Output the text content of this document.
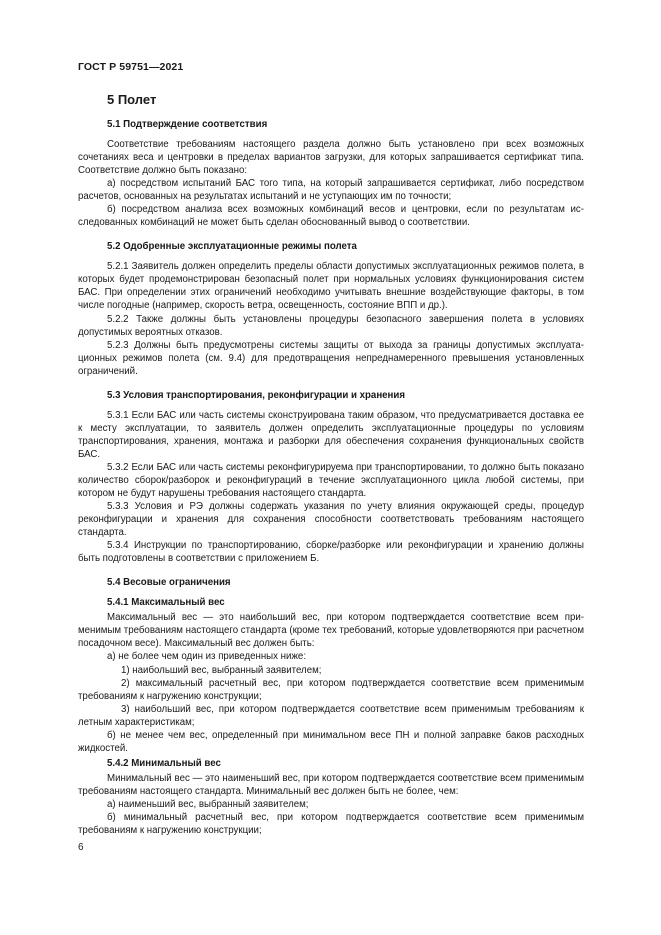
ГОСТ Р 59751—2021
5 Полет
5.1 Подтверждение соответствия

Соответствие требованиям настоящего раздела должно быть установлено при всех возможных сочетаниях веса и центровки в пределах вариантов загрузки, для которых запрашивается сертификат типа. Соответствие должно быть показано:

а) посредством испытаний БАС того типа, на который запрашивается сертификат, либо посредством расчетов, основанных на результатах испытаний и не уступающих им по точности;

б) посредством анализа всех возможных комбинаций весов и центровки, если по результатам исследованных комбинаций не может быть сделан обоснованный вывод о соответствии.

5.2 Одобренные эксплуатационные режимы полета

5.2.1 Заявитель должен определить пределы области допустимых эксплуатационных режимов полета, в которых будет продемонстрирован безопасный полет при нормальных условиях функционирования систем БАС. При определении этих ограничений необходимо учитывать внешние воздействующие факторы, в том числе погодные (например, скорость ветра, освещенность, состояние ВПП и др.).

5.2.2 Также должны быть установлены процедуры безопасного завершения полета в условиях допустимых вероятных отказов.

5.2.3 Должны быть предусмотрены системы защиты от выхода за границы допустимых эксплуатационных режимов полета (см. 9.4) для предотвращения непреднамеренного превышения установленных ограничений.

5.3 Условия транспортирования, реконфигурации и хранения

5.3.1 Если БАС или часть системы сконструирована таким образом, что предусматривается доставка ее к месту эксплуатации, то заявитель должен определить эксплуатационные процедуры по условиям транспортирования, хранения, монтажа и разборки для обеспечения сохранения функциональных свойств БАС.

5.3.2 Если БАС или часть системы реконфигурируема при транспортировании, то должно быть показано количество сборок/разборок и реконфигураций в течение эксплуатационного цикла любой системы, при котором не будут нарушены требования настоящего стандарта.

5.3.3 Условия и РЭ должны содержать указания по учету влияния окружающей среды, процедур реконфигурации и хранения для сохранения способности соответствовать требованиям настоящего стандарта.

5.3.4 Инструкции по транспортированию, сборке/разборке или реконфигурации и хранению должны быть подготовлены в соответствии с приложением Б.

5.4 Весовые ограничения
5.4.1 Максимальный вес

Максимальный вес — это наибольший вес, при котором подтверждается соответствие всем применимым требованиям настоящего стандарта (кроме тех требований, которые удовлетворяются при расчетном посадочном весе). Максимальный вес должен быть:

а) не более чем один из приведенных ниже:

1) наибольший вес, выбранный заявителем;

2) максимальный расчетный вес, при котором подтверждается соответствие всем применимым требованиям к нагружению конструкции;

3) наибольший вес, при котором подтверждается соответствие всем применимым требованиям к летным характеристикам;

б) не менее чем вес, определенный при минимальном весе ПН и полной заправке баков расходных жидкостей.

5.4.2 Минимальный вес

Минимальный вес — это наименьший вес, при котором подтверждается соответствие всем применимым требованиям настоящего стандарта. Минимальный вес должен быть не более, чем:

а) наименьший вес, выбранный заявителем;

б) минимальный расчетный вес, при котором подтверждается соответствие всем применимым требованиям к нагружению конструкции;

6
